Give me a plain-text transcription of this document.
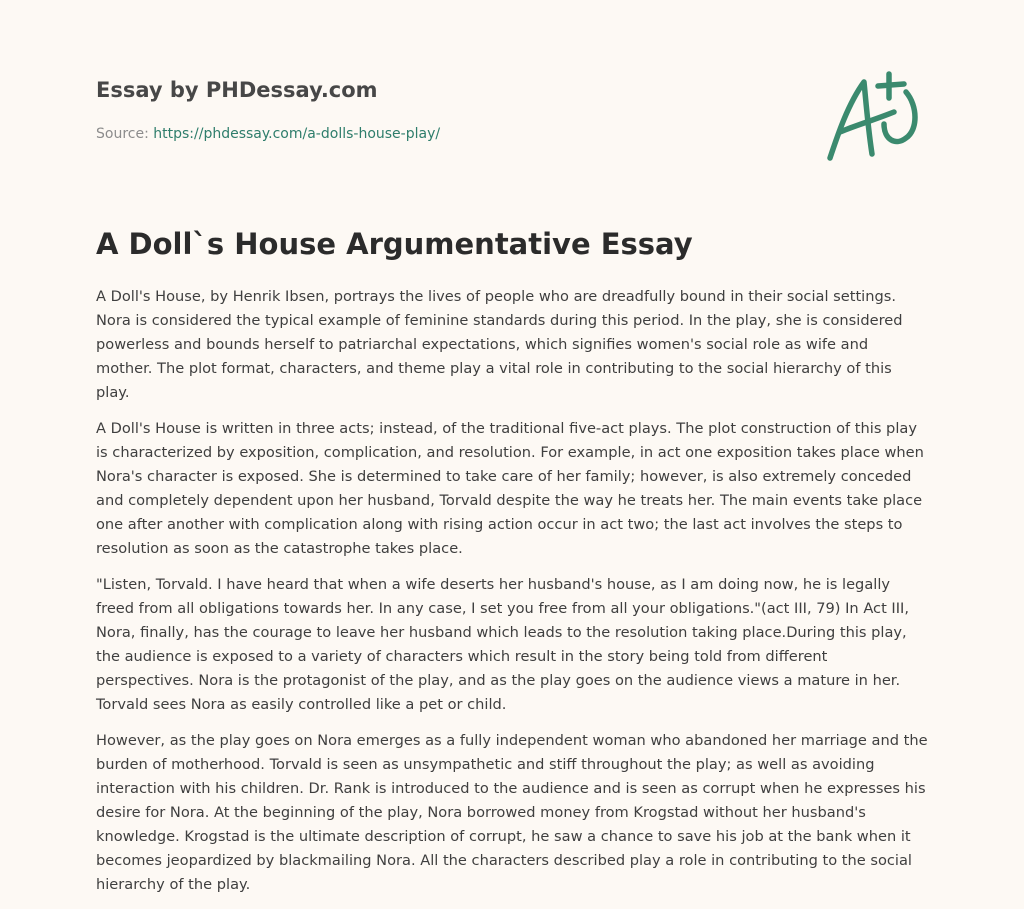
Essay by PHDessay.com
Source: https://phdessay.com/a-dolls-house-play/
A Doll`s House Argumentative Essay

A Doll's House, by Henrik Ibsen, portrays the lives of people who are dreadfully bound in their social settings. Nora is considered the typical example of feminine standards during this period. In the play, she is considered powerless and bounds herself to patriarchal expectations, which signifies women's social role as wife and mother. The plot format, characters, and theme play a vital role in contributing to the social hierarchy of this play.

A Doll's House is written in three acts; instead, of the traditional five-act plays. The plot construction of this play is characterized by exposition, complication, and resolution. For example, in act one exposition takes place when Nora's character is exposed. She is determined to take care of her family; however, is also extremely conceded and completely dependent upon her husband, Torvald despite the way he treats her. The main events take place one after another with complication along with rising action occur in act two; the last act involves the steps to resolution as soon as the catastrophe takes place.

"Listen, Torvald. I have heard that when a wife deserts her husband's house, as I am doing now, he is legally freed from all obligations towards her. In any case, I set you free from all your obligations."(act III, 79) In Act III, Nora, finally, has the courage to leave her husband which leads to the resolution taking place.During this play, the audience is exposed to a variety of characters which result in the story being told from different perspectives. Nora is the protagonist of the play, and as the play goes on the audience views a mature in her. Torvald sees Nora as easily controlled like a pet or child.

However, as the play goes on Nora emerges as a fully independent woman who abandoned her marriage and the burden of motherhood. Torvald is seen as unsympathetic and stiff throughout the play; as well as avoiding interaction with his children. Dr. Rank is introduced to the audience and is seen as corrupt when he expresses his desire for Nora. At the beginning of the play, Nora borrowed money from Krogstad without her husband's knowledge. Krogstad is the ultimate description of corrupt, he saw a chance to save his job at the bank when it becomes jeopardized by blackmailing Nora. All the characters described play a role in contributing to the social hierarchy of the play.
